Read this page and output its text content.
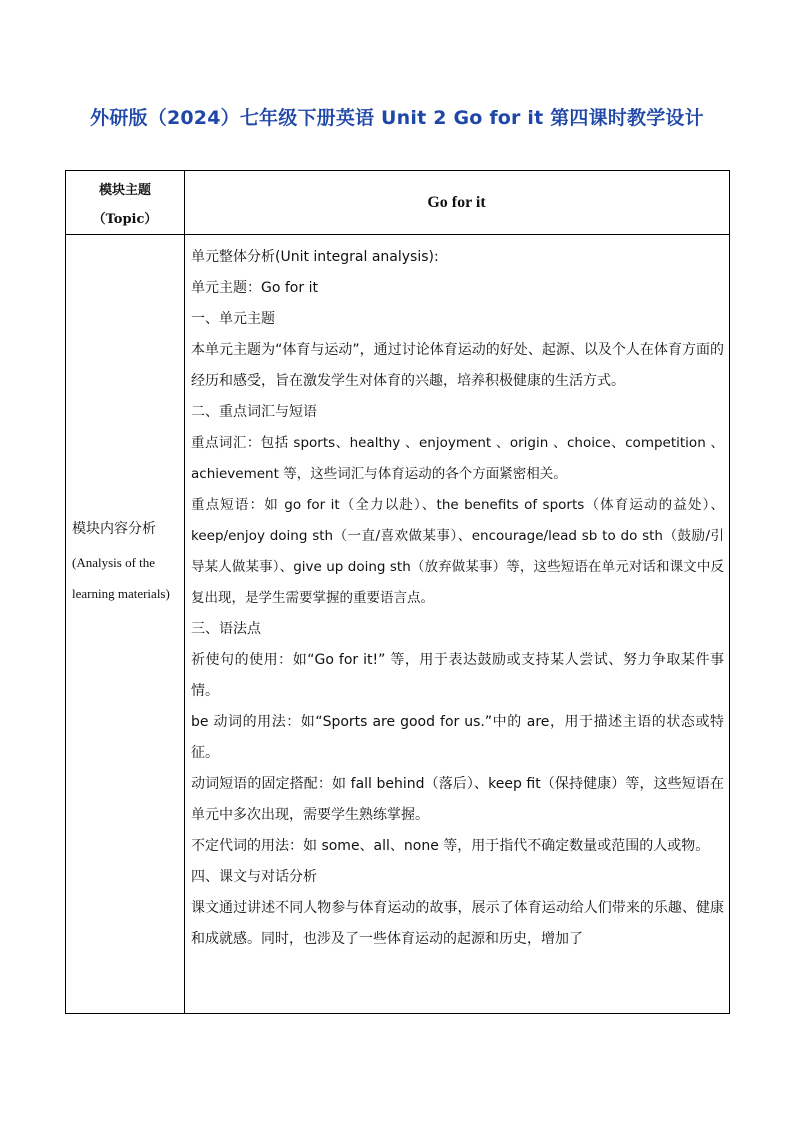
外研版（2024）七年级下册英语 Unit 2 Go for it 第四课时教学设计
模块主题
（Topic）
Go for it
模块内容分析
(Analysis of the learning materials)
单元整体分析(Unit integral analysis):
单元主题：Go for it
一、单元主题
本单元主题为“体育与运动”，通过讨论体育运动的好处、起源、以及个人在体育方面的经历和感受，旨在激发学生对体育的兴趣，培养积极健康的生活方式。
二、重点词汇与短语
重点词汇：包括 sports、healthy 、enjoyment 、origin 、choice、competition 、achievement 等，这些词汇与体育运动的各个方面紧密相关。
重点短语：如 go for it（全力以赴）、the benefits of sports（体育运动的益处）、keep/enjoy doing sth（一直/喜欢做某事）、encourage/lead sb to do sth（鼓励/引导某人做某事）、give up doing sth（放弃做某事）等，这些短语在单元对话和课文中反复出现，是学生需要掌握的重要语言点。
三、语法点
祈使句的使用：如“Go for it!” 等，用于表达鼓励或支持某人尝试、努力争取某件事情。
be 动词的用法：如“Sports are good for us.”中的 are，用于描述主语的状态或特征。
动词短语的固定搭配：如 fall behind（落后）、keep fit（保持健康）等，这些短语在单元中多次出现，需要学生熟练掌握。
不定代词的用法：如 some、all、none 等，用于指代不确定数量或范围的人或物。
四、课文与对话分析
课文通过讲述不同人物参与体育运动的故事，展示了体育运动给人们带来的乐趣、健康和成就感。同时，也涉及了一些体育运动的起源和历史，增加了
